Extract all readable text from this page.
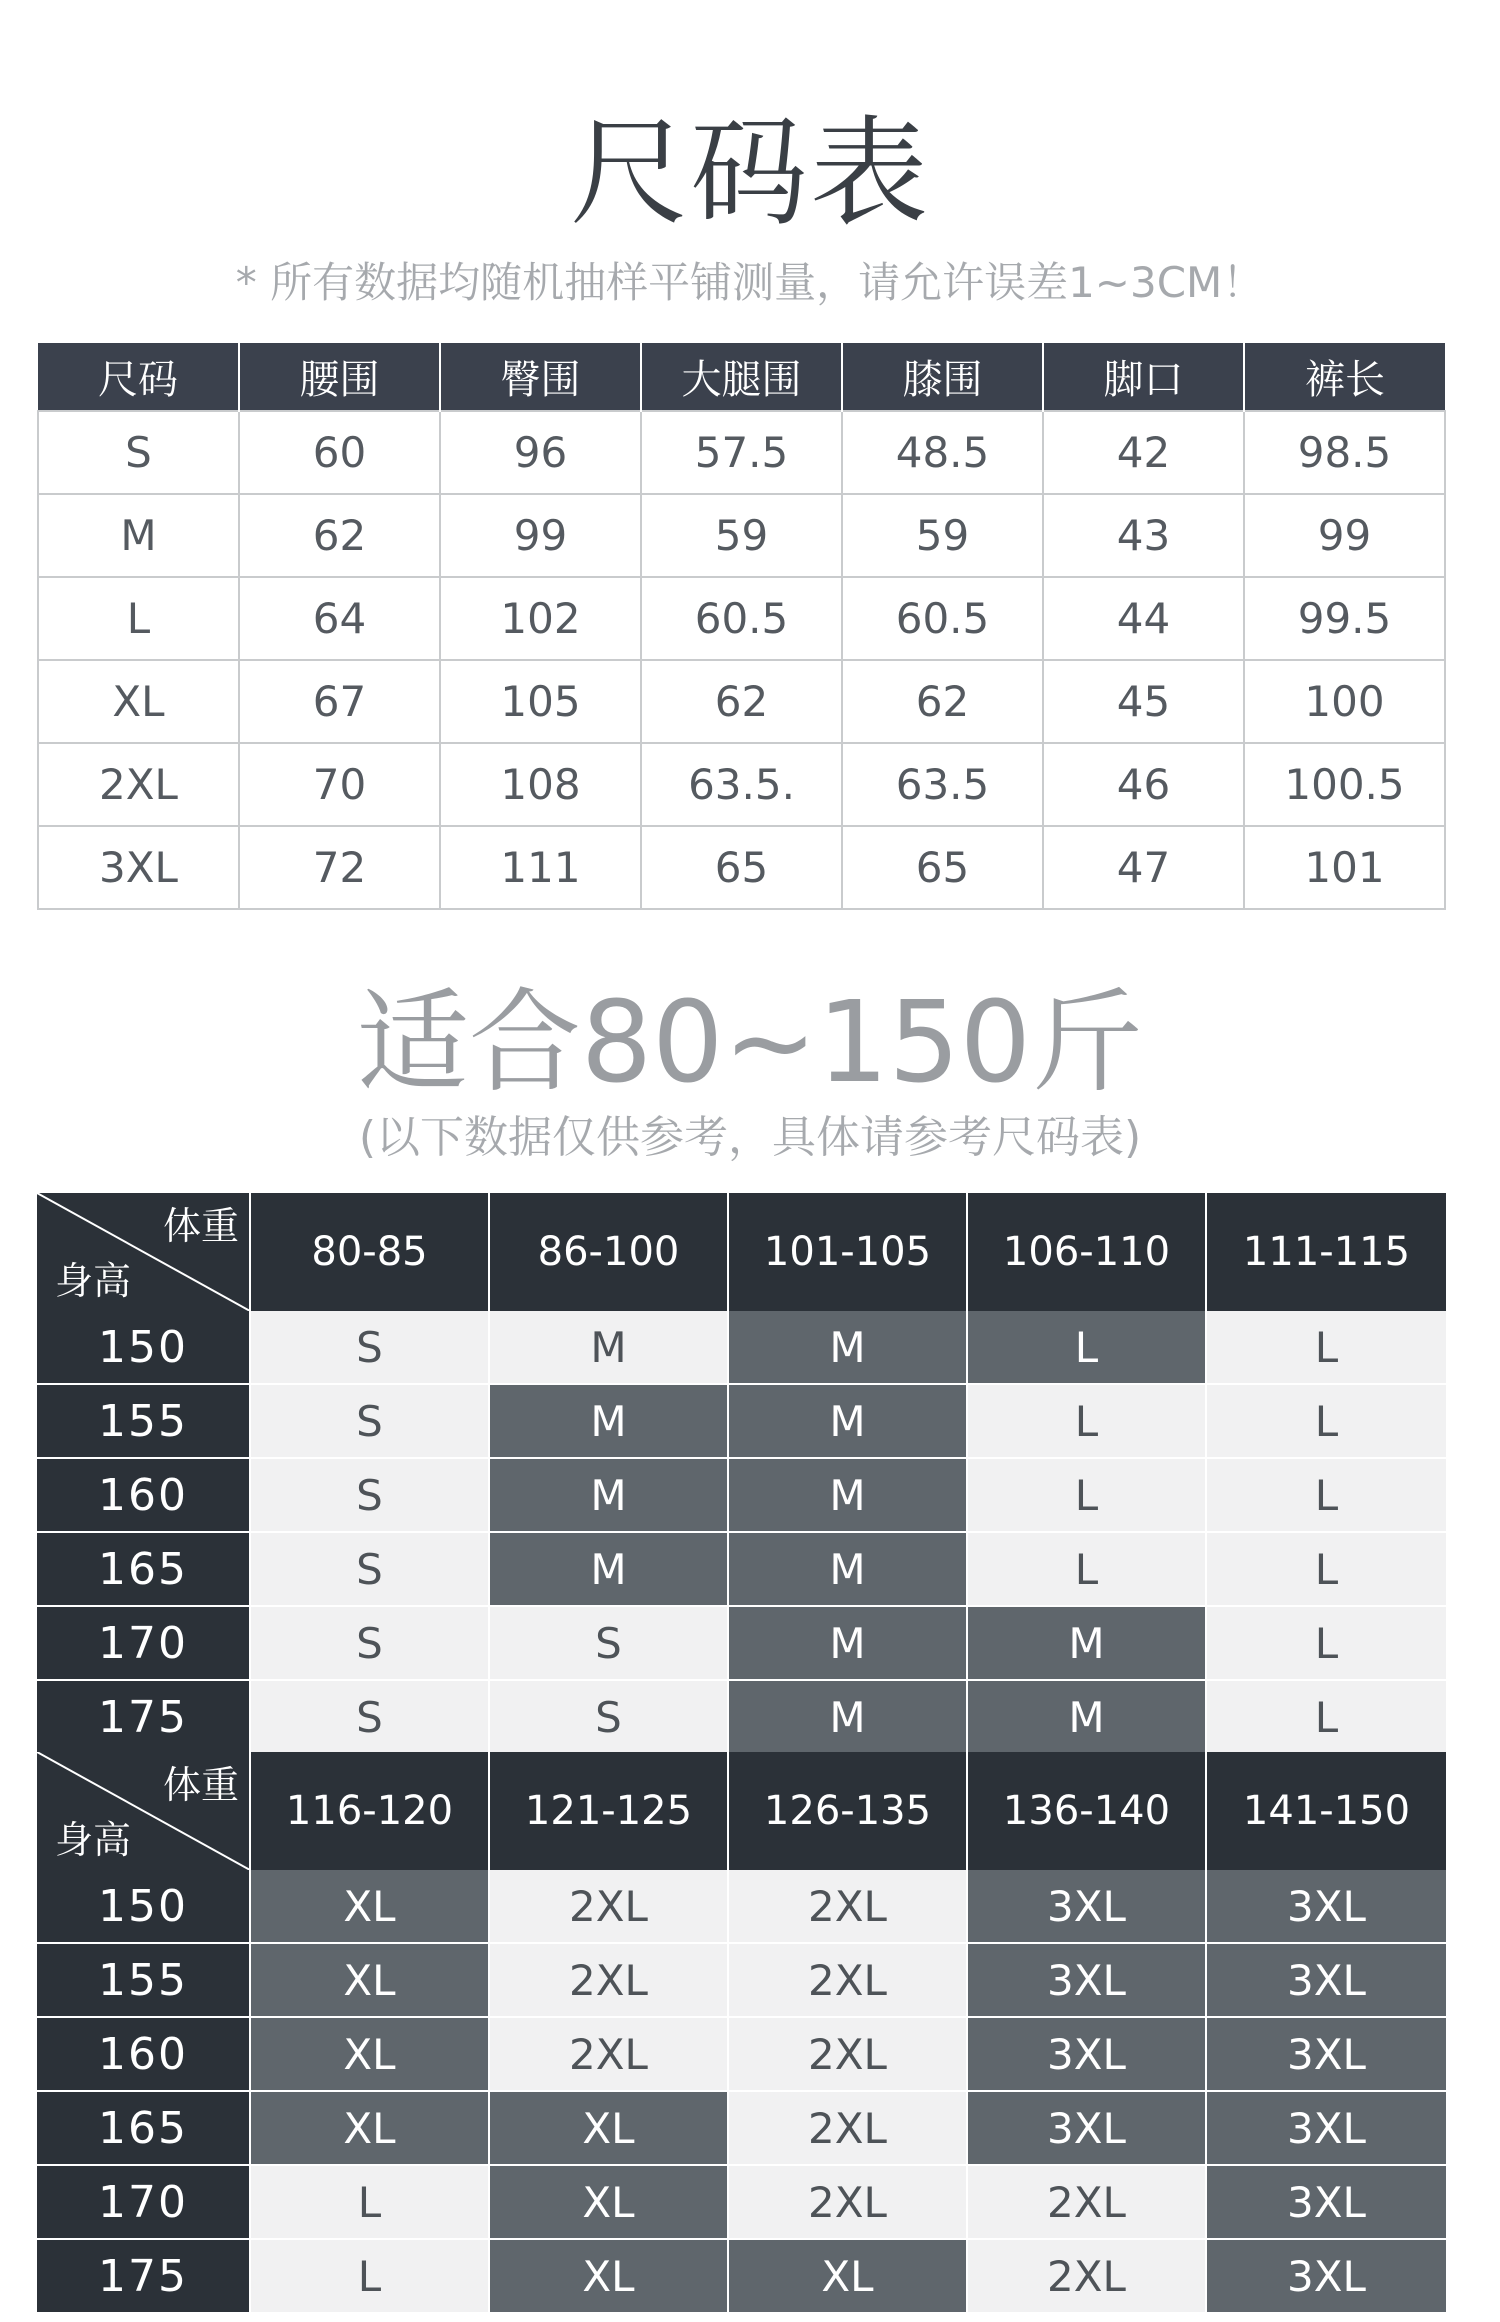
尺码表
* 所有数据均随机抽样平铺测量，请允许误差1~3CM！
尺码	腰围	臀围	大腿围	膝围	脚口	裤长
S	60	96	57.5	48.5	42	98.5
M	62	99	59	59	43	99
L	64	102	60.5	60.5	44	99.5
XL	67	105	62	62	45	100
2XL	70	108	63.5.	63.5	46	100.5
3XL	72	111	65	65	47	101
适合80~150斤
(以下数据仅供参考，具体请参考尺码表)
体重
身高	80-85	86-100	101-105	106-110	111-115
150	S	M	M	L	L
155	S	M	M	L	L
160	S	M	M	L	L
165	S	M	M	L	L
170	S	S	M	M	L
175	S	S	M	M	L
体重
身高	116-120	121-125	126-135	136-140	141-150
150	XL	2XL	2XL	3XL	3XL
155	XL	2XL	2XL	3XL	3XL
160	XL	2XL	2XL	3XL	3XL
165	XL	XL	2XL	3XL	3XL
170	L	XL	2XL	2XL	3XL
175	L	XL	XL	2XL	3XL
